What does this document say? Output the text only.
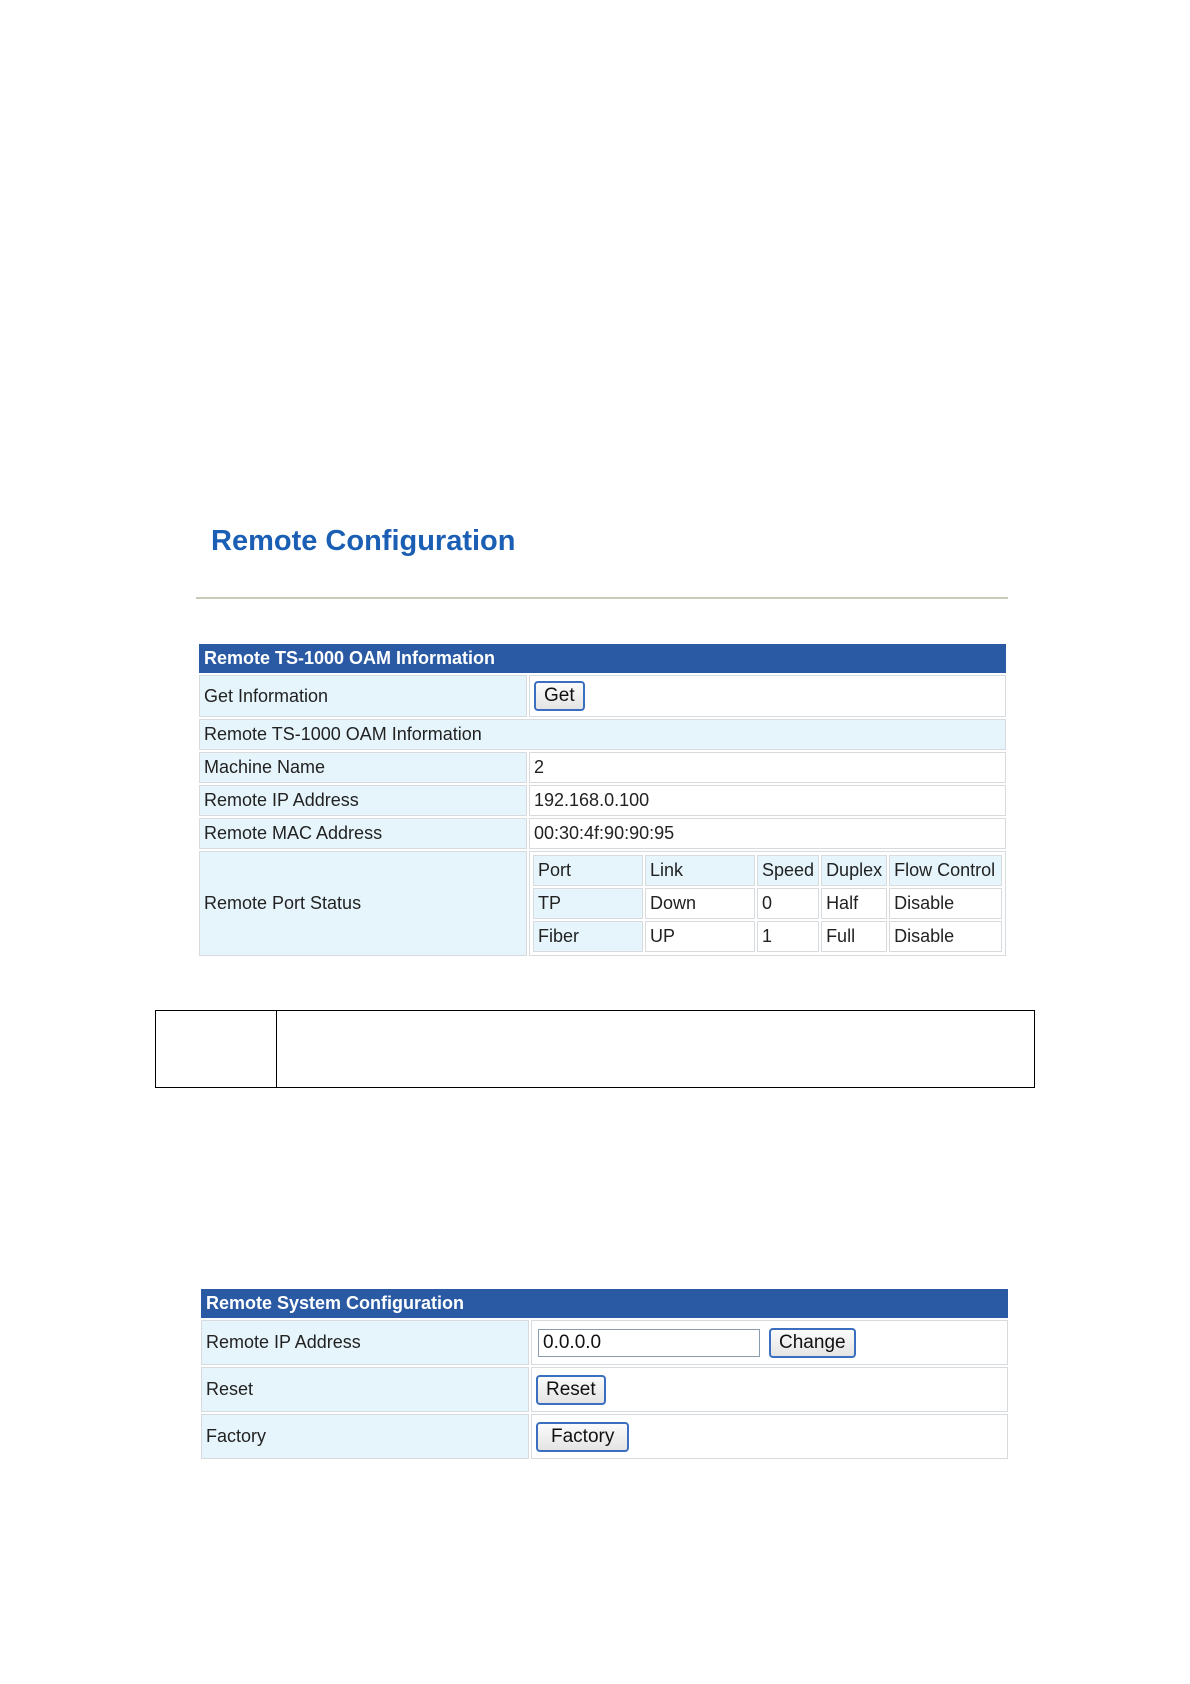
Remote Configuration
Remote TS-1000 OAM Information
Get Information	Get
Remote TS-1000 OAM Information
Machine Name	2
Remote IP Address	192.168.0.100
Remote MAC Address	00:30:4f:90:90:95
Remote Port Status	
Port	Link	Speed	Duplex	Flow Control
TP	Down	0	Half	Disable
Fiber	UP	1	Full	Disable
Remote System Configuration	
Remote IP Address	0.0.0.0Change
Reset	Reset
Factory	Factory
